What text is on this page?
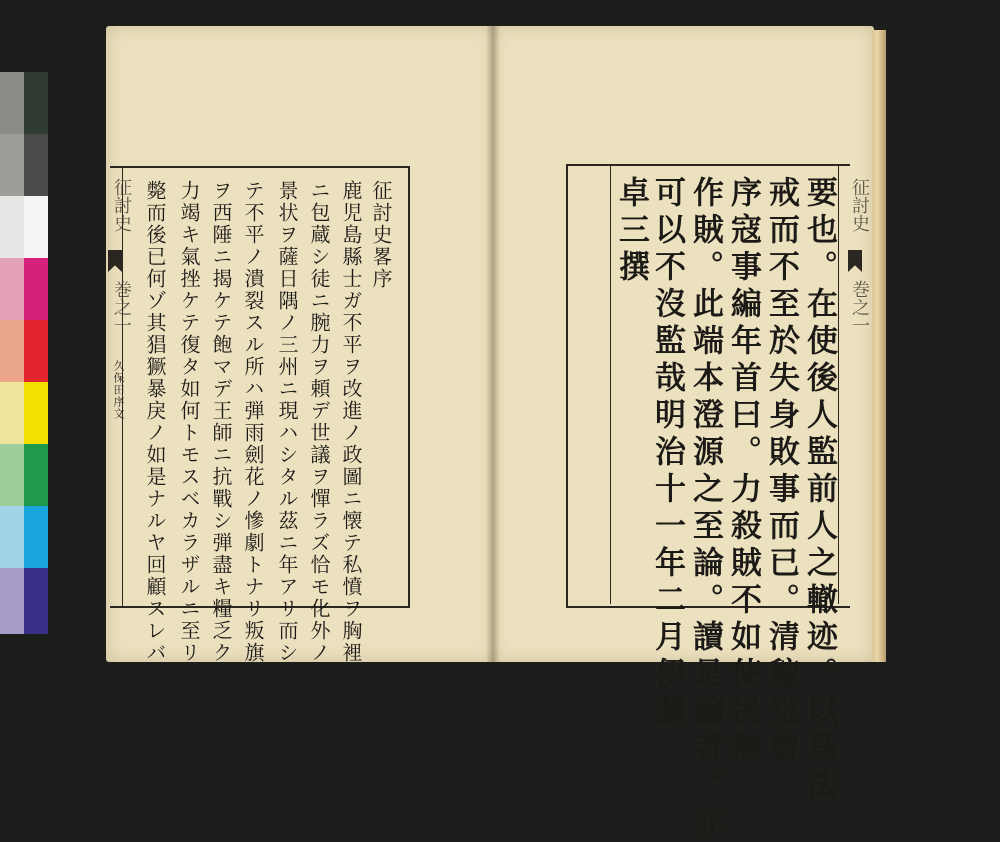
征討史
巻之一
久保田序文
征討史畧序
鹿児島縣士ガ不平ヲ改進ノ政圖ニ懐テ私憤ヲ胸裡
ニ包蔵シ徒ニ腕力ヲ頼デ世議ヲ憚ラズ恰モ化外ノ
景状ヲ薩日隅ノ三州ニ現ハシタル茲ニ年アリ而シ
テ不平ノ潰裂スル所ハ弾雨劍花ノ慘劇トナリ叛旗
ヲ西陲ニ揭ケテ飽マデ王師ニ抗戰シ弾盡キ糧乏ク
力竭キ氣挫ケテ復タ如何トモスベカラザルニ至リ
斃而後已何ゾ其猖獗暴戾ノ如是ナルヤ回顧スレバ	征討史
巻之一
要也。在使後人監前人之轍迹。以爲法
戒而不至於失身敗事而已。清稼堂曾
序寇事編年首曰。力殺賊不如使民無
作賊。此端本澄源之至論。讀是編者。亦
可以不沒監哉明治十一年二月伊藤
卓三撰
